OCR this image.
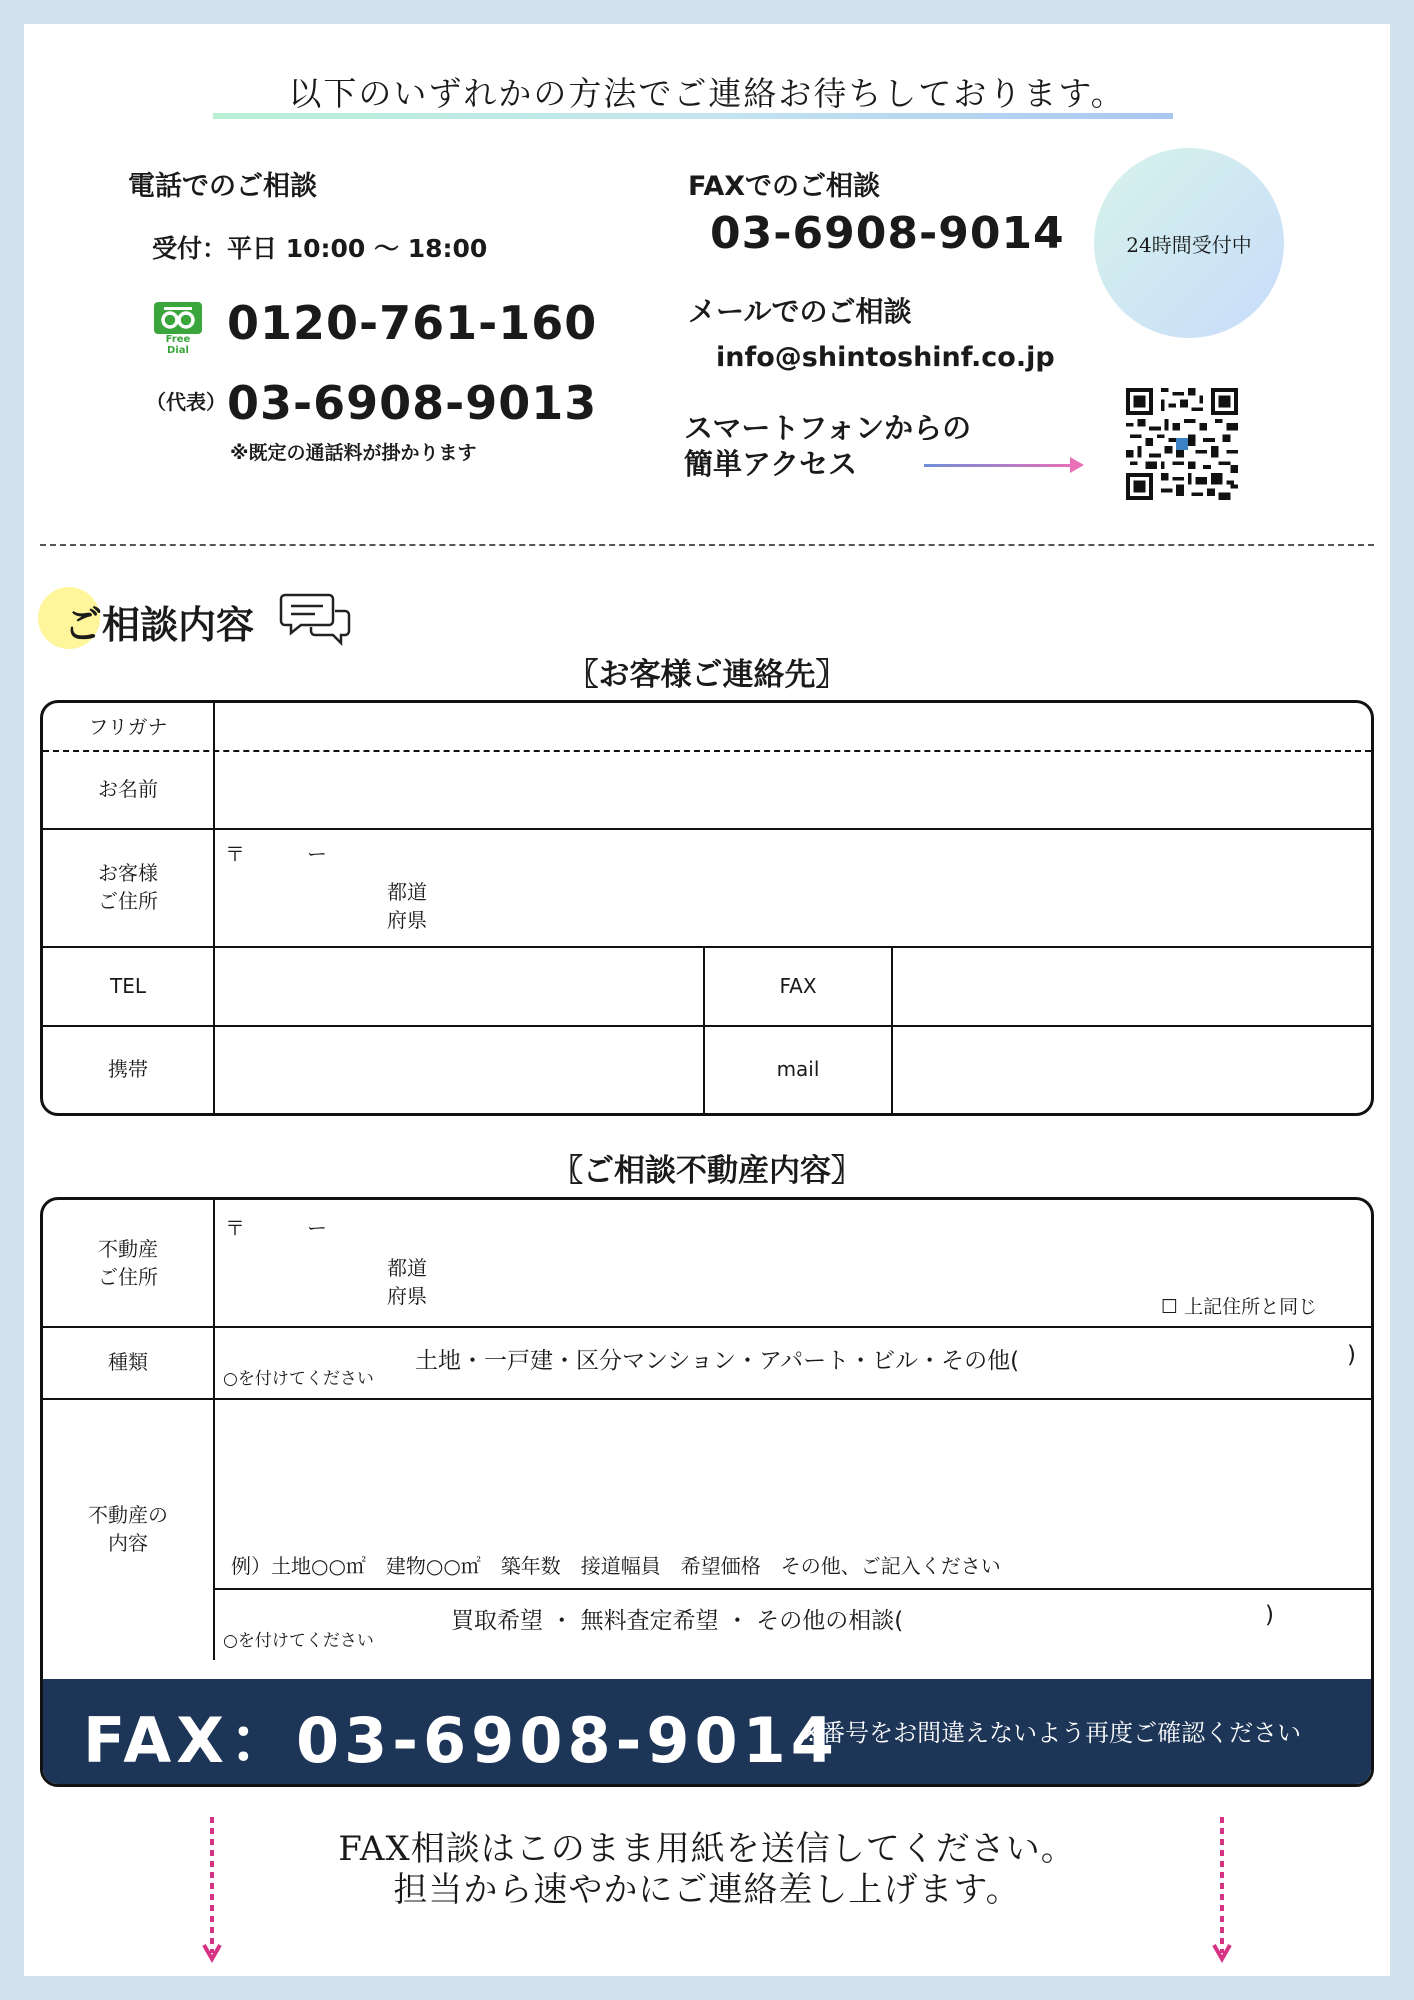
以下のいずれかの方法でご連絡お待ちしております。
電話でのご相談
受付：平日 10:00 〜 18:00
Free Dial
0120-761-160
（代表） 03-6908-9013
※既定の通話料が掛かります
FAXでのご相談
03-6908-9014	24時間受付中
メールでのご相談
info@shintoshinf.co.jp
スマートフォンからの
簡単アクセス
ご相談内容
〖お客様ご連絡先〗
フリガナ
お名前
お客様
ご住所
〒	ー
都道
府県
TEL	FAX
携帯	mail
〖ご相談不動産内容〗
不動産
ご住所
〒	ー
都道
府県	☐ 上記住所と同じ
種類
○を付けてください
土地・一戸建・区分マンション・アパート・ビル・その他(	)
不動産の
内容
例）土地○○㎡　建物○○㎡　築年数　接道幅員　希望価格　その他、ご記入ください
○を付けてください
買取希望 ・ 無料査定希望 ・ その他の相談(	)
FAX：03-6908-9014
※番号をお間違えないよう再度ご確認ください
FAX相談はこのまま用紙を送信してください。
担当から速やかにご連絡差し上げます。
